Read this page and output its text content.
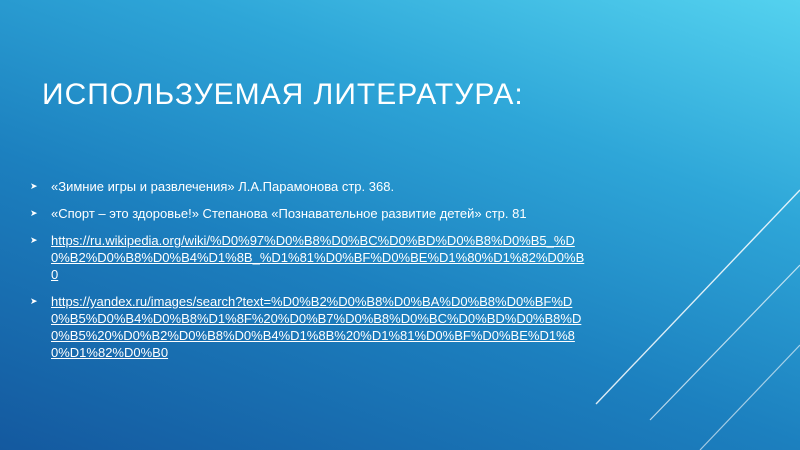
ИСПОЛЬЗУЕМАЯ ЛИТЕРАТУРА:
➤ «Зимние игры и развлечения» Л.А.Парамонова стр. 368.
➤ «Спорт – это здоровье!» Степанова «Познавательное развитие детей» стр. 81
➤ https://ru.wikipedia.org/wiki/%D0%97%D0%B8%D0%BC%D0%BD%D0%B8%D0%B5_%D0%B2%D0%B8%D0%B4%D1%8B_%D1%81%D0%BF%D0%BE%D1%80%D1%82%D0%B0
➤ https://yandex.ru/images/search?text=%D0%B2%D0%B8%D0%BA%D0%B8%D0%BF%D0%B5%D0%B4%D0%B8%D1%8F%20%D0%B7%D0%B8%D0%BC%D0%BD%D0%B8%D0%B5%20%D0%B2%D0%B8%D0%B4%D1%8B%20%D1%81%D0%BF%D0%BE%D1%80%D1%82%D0%B0
